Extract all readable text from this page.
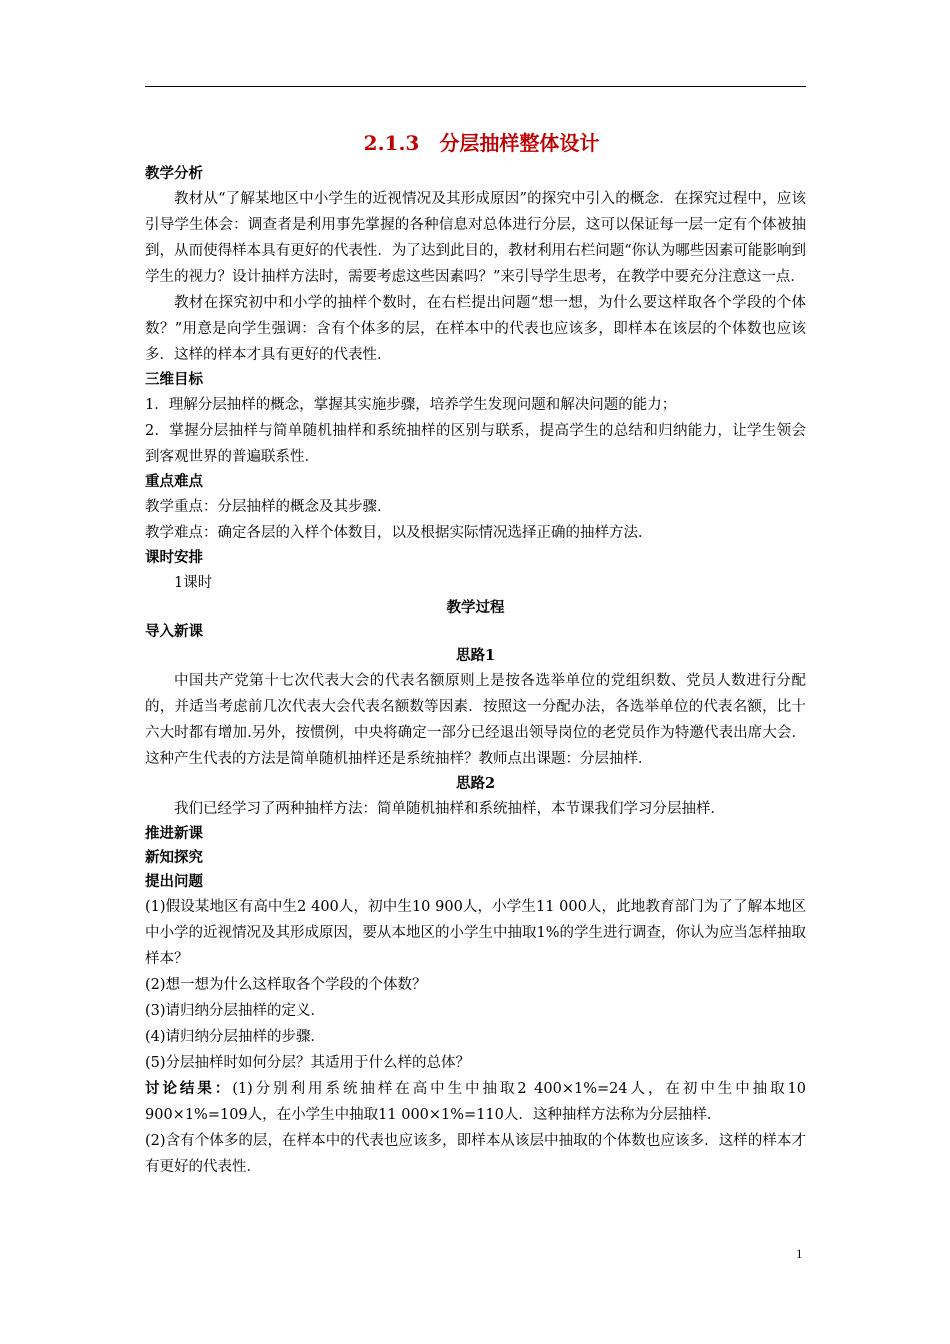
2.1.3　分层抽样整体设计
教学分析
教材从“了解某地区中小学生的近视情况及其形成原因”的探究中引入的概念．在探究过程中，应该引导学生体会：调查者是利用事先掌握的各种信息对总体进行分层，这可以保证每一层一定有个体被抽到，从而使得样本具有更好的代表性．为了达到此目的，教材利用右栏问题“你认为哪些因素可能影响到学生的视力？设计抽样方法时，需要考虑这些因素吗？”来引导学生思考，在教学中要充分注意这一点．
教材在探究初中和小学的抽样个数时，在右栏提出问题“想一想，为什么要这样取各个学段的个体数？”用意是向学生强调：含有个体多的层，在样本中的代表也应该多，即样本在该层的个体数也应该多．这样的样本才具有更好的代表性．
三维目标
1．理解分层抽样的概念，掌握其实施步骤，培养学生发现问题和解决问题的能力；
2．掌握分层抽样与简单随机抽样和系统抽样的区别与联系，提高学生的总结和归纳能力，让学生领会到客观世界的普遍联系性．
重点难点
教学重点：分层抽样的概念及其步骤．
教学难点：确定各层的入样个体数目，以及根据实际情况选择正确的抽样方法．
课时安排
1课时
教学过程
导入新课
思路1
中国共产党第十七次代表大会的代表名额原则上是按各选举单位的党组织数、党员人数进行分配的，并适当考虑前几次代表大会代表名额数等因素．按照这一分配办法，各选举单位的代表名额，比十六大时都有增加.另外，按惯例，中央将确定一部分已经退出领导岗位的老党员作为特邀代表出席大会．这种产生代表的方法是简单随机抽样还是系统抽样？教师点出课题：分层抽样．
思路2
我们已经学习了两种抽样方法：简单随机抽样和系统抽样，本节课我们学习分层抽样．
推进新课
新知探究
提出问题
(1)假设某地区有高中生2 400人，初中生10 900人，小学生11 000人，此地教育部门为了了解本地区中小学的近视情况及其形成原因，要从本地区的小学生中抽取1%的学生进行调查，你认为应当怎样抽取样本？
(2)想一想为什么这样取各个学段的个体数？
(3)请归纳分层抽样的定义．
(4)请归纳分层抽样的步骤．
(5)分层抽样时如何分层？其适用于什么样的总体？
讨论结果：(1)分别利用系统抽样在高中生中抽取2 400×1%=24人，在初中生中抽取10 900×1%=109人，在小学生中抽取11 000×1%=110人．这种抽样方法称为分层抽样．
(2)含有个体多的层，在样本中的代表也应该多，即样本从该层中抽取的个体数也应该多．这样的样本才有更好的代表性．
1
